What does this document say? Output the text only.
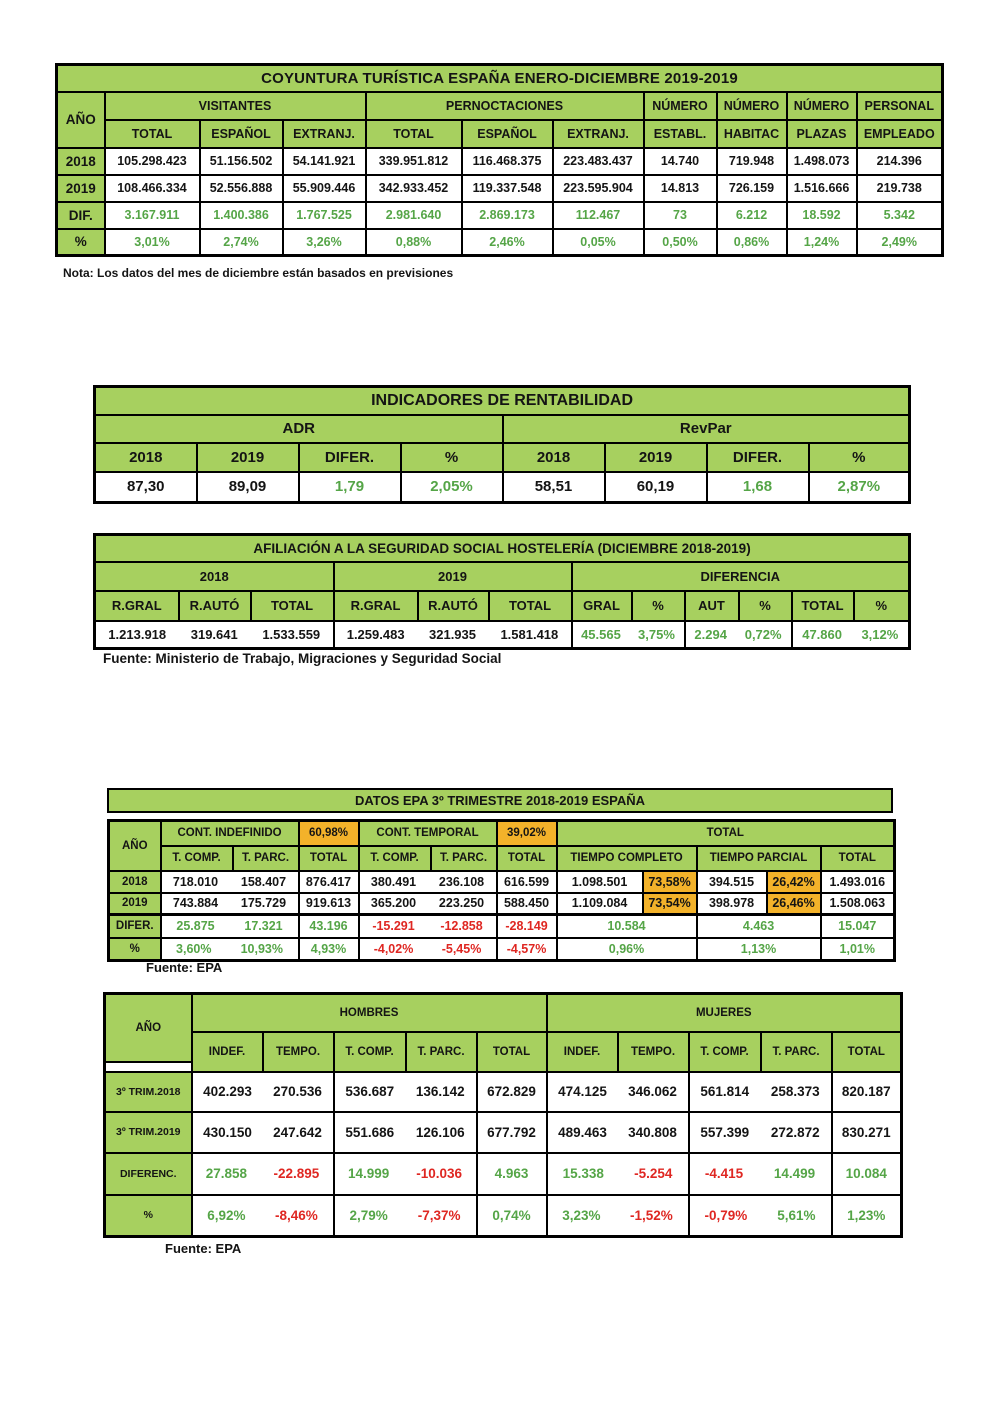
COYUNTURA TURÍSTICA ESPAÑA ENERO-DICIEMBRE 2019-2019										
AÑO	VISITANTES			PERNOCTACIONES			NÚMERO	NÚMERO	NÚMERO	PERSONAL
	TOTAL	ESPAÑOL	EXTRANJ.	TOTAL	ESPAÑOL	EXTRANJ.	ESTABL.	HABITAC	PLAZAS	EMPLEADO
2018	105.298.423	51.156.502	54.141.921	339.951.812	116.468.375	223.483.437	14.740	719.948	1.498.073	214.396
2019	108.466.334	52.556.888	55.909.446	342.933.452	119.337.548	223.595.904	14.813	726.159	1.516.666	219.738
DIF.	3.167.911	1.400.386	1.767.525	2.981.640	2.869.173	112.467	73	6.212	18.592	5.342
%	3,01%	2,74%	3,26%	0,88%	2,46%	0,05%	0,50%	0,86%	1,24%	2,49%
Nota: Los datos del mes de diciembre están basados en previsiones
INDICADORES DE RENTABILIDAD							
ADR				RevPar			
2018	2019	DIFER.	%	2018	2019	DIFER.	%
87,30	89,09	1,79	2,05%	58,51	60,19	1,68	2,87%
AFILIACIÓN A LA SEGURIDAD SOCIAL HOSTELERÍA (DICIEMBRE 2018-2019)											
2018			2019			DIFERENCIA					
R.GRAL	R.AUTÓ	TOTAL	R.GRAL	R.AUTÓ	TOTAL	GRAL	%	AUT	%	TOTAL	%

1.213.918 319.641 1.533.559			1.259.483 321.935 1.581.418			45.565 3,75%		2.294 0,72%		47.860 3,12%	
Fuente: Ministerio de Trabajo, Migraciones y Seguridad Social
DATOS EPA 3º TRIMESTRE 2018-2019 ESPAÑA
AÑO	CONT. INDEFINIDO		60,98%	CONT. TEMPORAL		39,02%	TOTAL				
	T. COMP.	T. PARC.	TOTAL	T. COMP.	T. PARC.	TOTAL	TIEMPO COMPLETO		TIEMPO PARCIAL		TOTAL
2018	718.010 158.407		876.417	380.491 236.108		616.599	1.098.501	73,58%	394.515	26,42%	1.493.016
2019	743.884 175.729		919.613	365.200 223.250		588.450	1.109.084	73,54%	398.978	26,46%	1.508.063
DIFER.	25.875 17.321		43.196	-15.291 -12.858		-28.149	10.584		4.463		15.047
%	3,60% 10,93%		4,93%	-4,02% -5,45%		-4,57%	0,96%		1,13%		1,01%
Fuente: EPA
AÑO	HOMBRES					MUJERES				
	INDEF.	TEMPO.	T. COMP.	T. PARC.	TOTAL	INDEF.	TEMPO.	T. COMP.	T. PARC.	TOTAL

3º TRIM.2018	402.293 270.536		536.687 136.142		672.829	474.125 346.062		561.814 258.373		820.187
3º TRIM.2019	430.150 247.642		551.686 126.106		677.792	489.463 340.808		557.399 272.872		830.271
DIFERENC.	27.858 -22.895		14.999 -10.036		4.963	15.338 -5.254		-4.415 14.499		10.084
%	6,92% -8,46%		2,79% -7,37%		0,74%	3,23% -1,52%		-0,79% 5,61%		1,23%
Fuente: EPA
